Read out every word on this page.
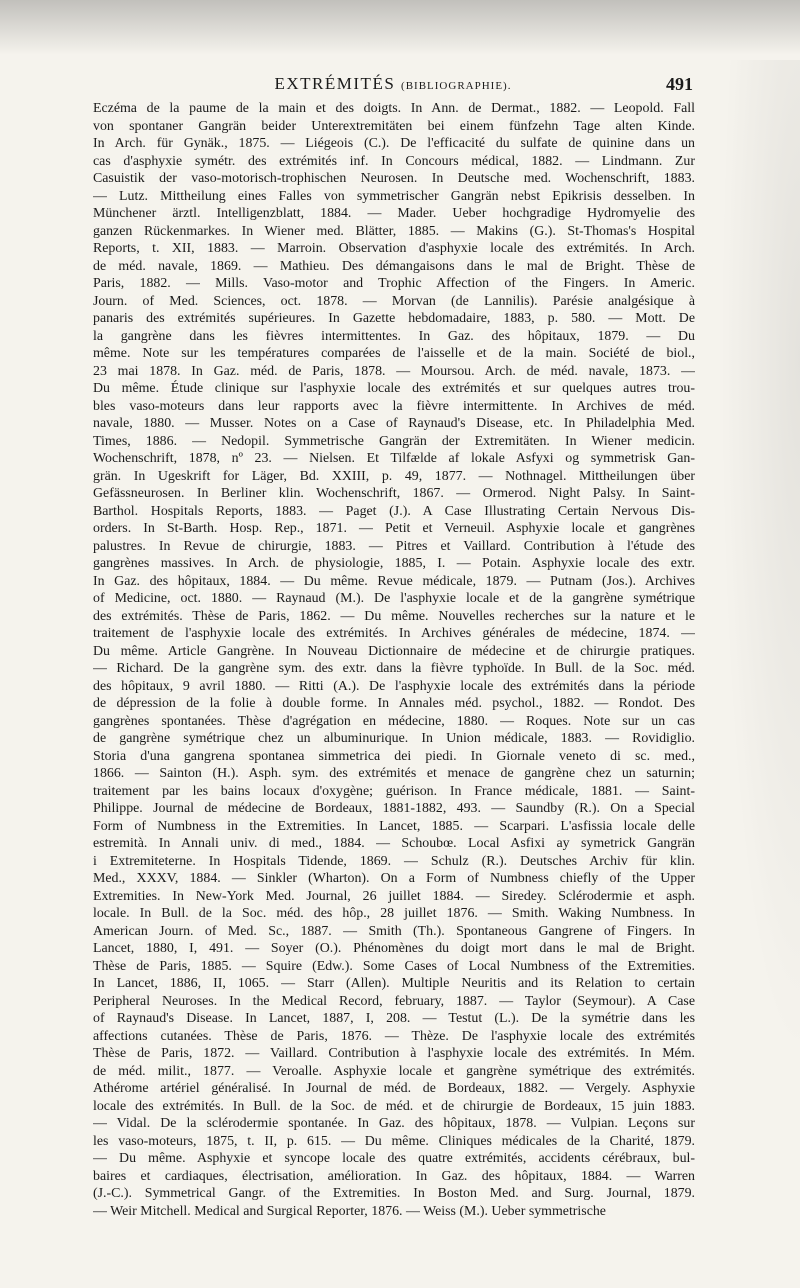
EXTRÉMITÉS (BIBLIOGRAPHIE).	491
Eczéma de la paume de la main et des doigts. In Ann. de Dermat., 1882. — Leopold. Fall
von spontaner Gangrän beider Unterextremitäten bei einem fünfzehn Tage alten Kinde.
In Arch. für Gynäk., 1875. — Liégeois (C.). De l'efficacité du sulfate de quinine dans un
cas d'asphyxie symétr. des extrémités inf. In Concours médical, 1882. — Lindmann. Zur
Casuistik der vaso-motorisch-trophischen Neurosen. In Deutsche med. Wochenschrift, 1883.
— Lutz. Mittheilung eines Falles von symmetrischer Gangrän nebst Epikrisis desselben. In
Münchener ärztl. Intelligenzblatt, 1884. — Mader. Ueber hochgradige Hydromyelie des
ganzen Rückenmarkes. In Wiener med. Blätter, 1885. — Makins (G.). St-Thomas's Hospital
Reports, t. XII, 1883. — Marroin. Observation d'asphyxie locale des extrémités. In Arch.
de méd. navale, 1869. — Mathieu. Des démangaisons dans le mal de Bright. Thèse de
Paris, 1882. — Mills. Vaso-motor and Trophic Affection of the Fingers. In Americ.
Journ. of Med. Sciences, oct. 1878. — Morvan (de Lannilis). Parésie analgésique à
panaris des extrémités supérieures. In Gazette hebdomadaire, 1883, p. 580. — Mott. De
la gangrène dans les fièvres intermittentes. In Gaz. des hôpitaux, 1879. — Du
même. Note sur les températures comparées de l'aisselle et de la main. Société de biol.,
23 mai 1878. In Gaz. méd. de Paris, 1878. — Moursou. Arch. de méd. navale, 1873. —
Du même. Étude clinique sur l'asphyxie locale des extrémités et sur quelques autres trou-
bles vaso-moteurs dans leur rapports avec la fièvre intermittente. In Archives de méd.
navale, 1880. — Musser. Notes on a Case of Raynaud's Disease, etc. In Philadelphia Med.
Times, 1886. — Nedopil. Symmetrische Gangrän der Extremitäten. In Wiener medicin.
Wochenschrift, 1878, nº 23. — Nielsen. Et Tilfælde af lokale Asfyxi og symmetrisk Gan-
grän. In Ugeskrift for Läger, Bd. XXIII, p. 49, 1877. — Nothnagel. Mittheilungen über
Gefässneurosen. In Berliner klin. Wochenschrift, 1867. — Ormerod. Night Palsy. In Saint-
Barthol. Hospitals Reports, 1883. — Paget (J.). A Case Illustrating Certain Nervous Dis-
orders. In St-Barth. Hosp. Rep., 1871. — Petit et Verneuil. Asphyxie locale et gangrènes
palustres. In Revue de chirurgie, 1883. — Pitres et Vaillard. Contribution à l'étude des
gangrènes massives. In Arch. de physiologie, 1885, I. — Potain. Asphyxie locale des extr.
In Gaz. des hôpitaux, 1884. — Du même. Revue médicale, 1879. — Putnam (Jos.). Archives
of Medicine, oct. 1880. — Raynaud (M.). De l'asphyxie locale et de la gangrène symétrique
des extrémités. Thèse de Paris, 1862. — Du même. Nouvelles recherches sur la nature et le
traitement de l'asphyxie locale des extrémités. In Archives générales de médecine, 1874. —
Du même. Article Gangrène. In Nouveau Dictionnaire de médecine et de chirurgie pratiques.
— Richard. De la gangrène sym. des extr. dans la fièvre typhoïde. In Bull. de la Soc. méd.
des hôpitaux, 9 avril 1880. — Ritti (A.). De l'asphyxie locale des extrémités dans la période
de dépression de la folie à double forme. In Annales méd. psychol., 1882. — Rondot. Des
gangrènes spontanées. Thèse d'agrégation en médecine, 1880. — Roques. Note sur un cas
de gangrène symétrique chez un albuminurique. In Union médicale, 1883. — Rovidiglio.
Storia d'una gangrena spontanea simmetrica dei piedi. In Giornale veneto di sc. med.,
1866. — Sainton (H.). Asph. sym. des extrémités et menace de gangrène chez un saturnin;
traitement par les bains locaux d'oxygène; guérison. In France médicale, 1881. — Saint-
Philippe. Journal de médecine de Bordeaux, 1881-1882, 493. — Saundby (R.). On a Special
Form of Numbness in the Extremities. In Lancet, 1885. — Scarpari. L'asfissia locale delle
estremità. In Annali univ. di med., 1884. — Schoubœ. Local Asfixi ay symetrick Gangrän
i Extremiteterne. In Hospitals Tidende, 1869. — Schulz (R.). Deutsches Archiv für klin.
Med., XXXV, 1884. — Sinkler (Wharton). On a Form of Numbness chiefly of the Upper
Extremities. In New-York Med. Journal, 26 juillet 1884. — Siredey. Sclérodermie et asph.
locale. In Bull. de la Soc. méd. des hôp., 28 juillet 1876. — Smith. Waking Numbness. In
American Journ. of Med. Sc., 1887. — Smith (Th.). Spontaneous Gangrene of Fingers. In
Lancet, 1880, I, 491. — Soyer (O.). Phénomènes du doigt mort dans le mal de Bright.
Thèse de Paris, 1885. — Squire (Edw.). Some Cases of Local Numbness of the Extremities.
In Lancet, 1886, II, 1065. — Starr (Allen). Multiple Neuritis and its Relation to certain
Peripheral Neuroses. In the Medical Record, february, 1887. — Taylor (Seymour). A Case
of Raynaud's Disease. In Lancet, 1887, I, 208. — Testut (L.). De la symétrie dans les
affections cutanées. Thèse de Paris, 1876. — Thèze. De l'asphyxie locale des extrémités
Thèse de Paris, 1872. — Vaillard. Contribution à l'asphyxie locale des extrémités. In Mém.
de méd. milit., 1877. — Veroalle. Asphyxie locale et gangrène symétrique des extrémités.
Athérome artériel généralisé. In Journal de méd. de Bordeaux, 1882. — Vergely. Asphyxie
locale des extrémités. In Bull. de la Soc. de méd. et de chirurgie de Bordeaux, 15 juin 1883.
— Vidal. De la sclérodermie spontanée. In Gaz. des hôpitaux, 1878. — Vulpian. Leçons sur
les vaso-moteurs, 1875, t. II, p. 615. — Du même. Cliniques médicales de la Charité, 1879.
— Du même. Asphyxie et syncope locale des quatre extrémités, accidents cérébraux, bul-
baires et cardiaques, électrisation, amélioration. In Gaz. des hôpitaux, 1884. — Warren
(J.-C.). Symmetrical Gangr. of the Extremities. In Boston Med. and Surg. Journal, 1879.
— Weir Mitchell. Medical and Surgical Reporter, 1876. — Weiss (M.). Ueber symmetrische
